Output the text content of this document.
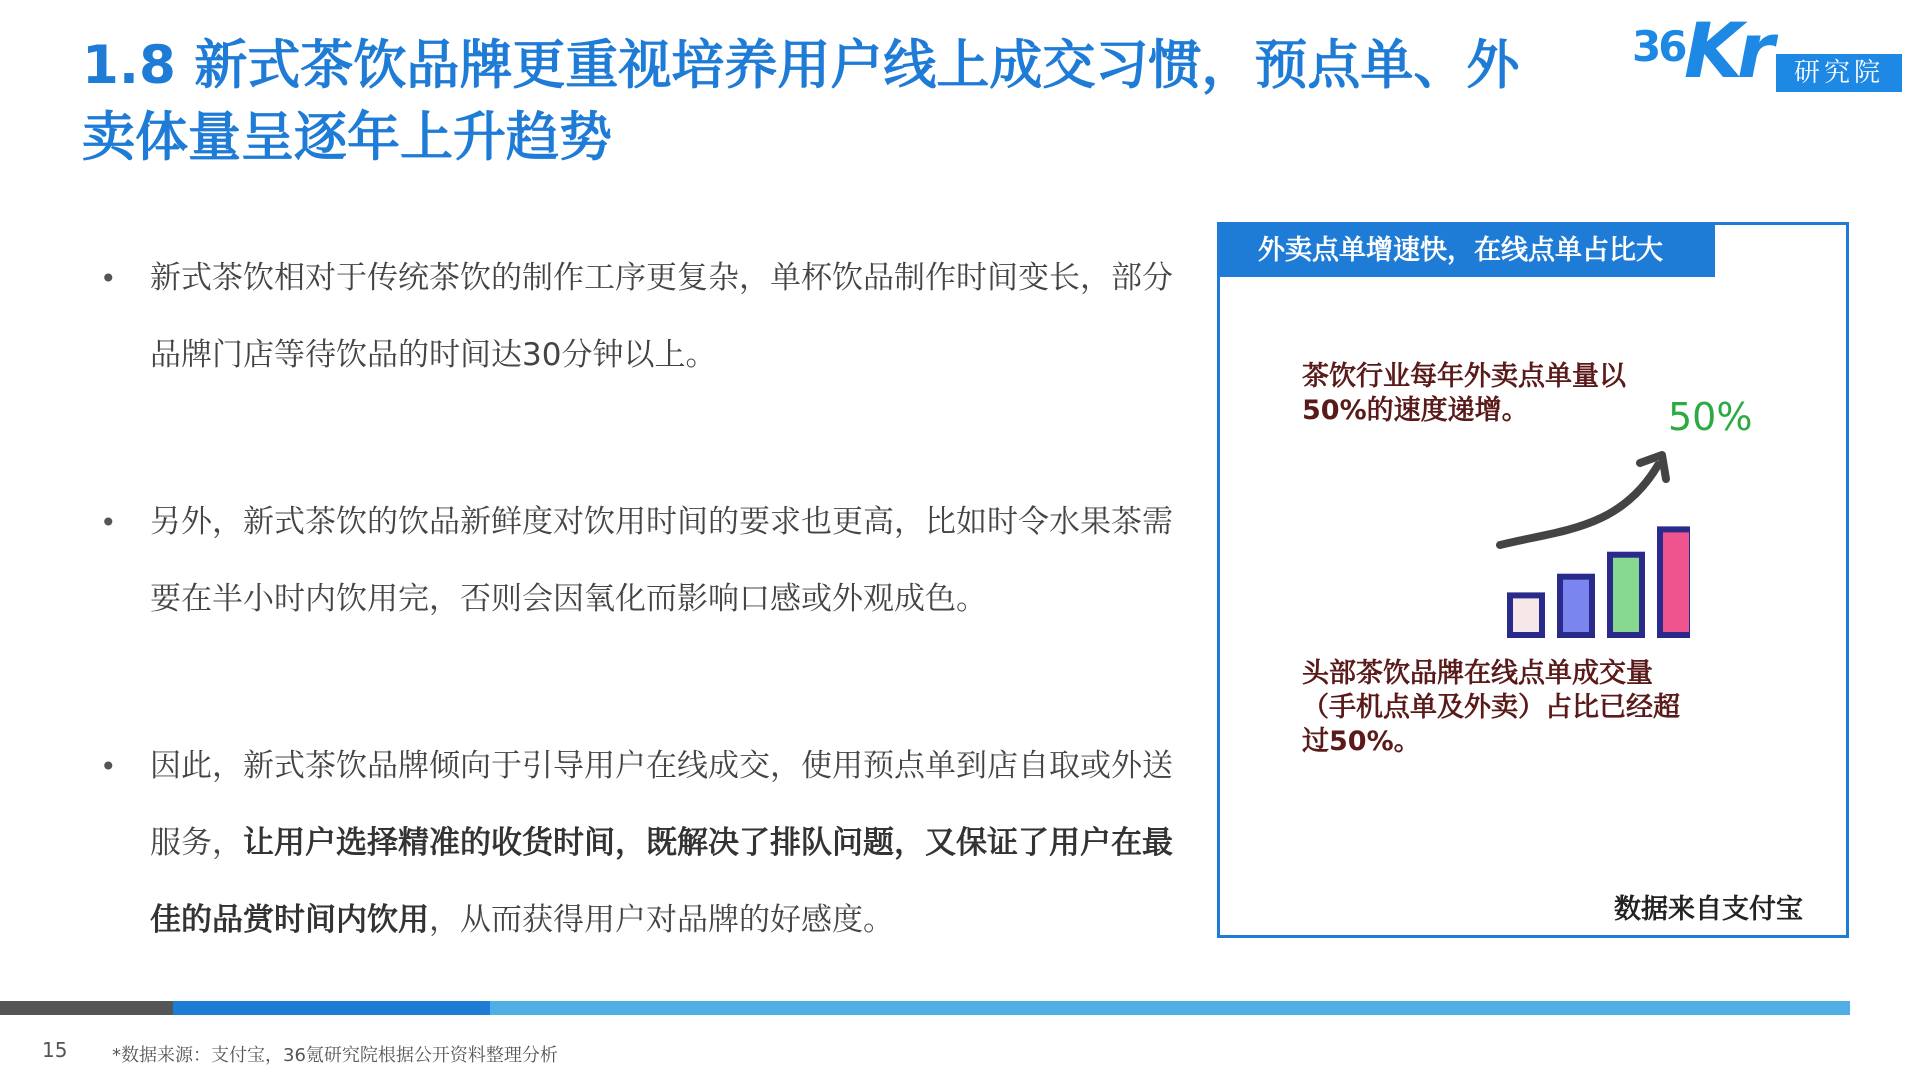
1.8 新式茶饮品牌更重视培养用户线上成交习惯，预点单、外卖体量呈逐年上升趋势
36 Kr 研究院
• 新式茶饮相对于传统茶饮的制作工序更复杂，单杯饮品制作时间变长，部分品牌门店等待饮品的时间达30分钟以上。
• 另外，新式茶饮的饮品新鲜度对饮用时间的要求也更高，比如时令水果茶需要在半小时内饮用完，否则会因氧化而影响口感或外观成色。
• 因此，新式茶饮品牌倾向于引导用户在线成交，使用预点单到店自取或外送服务，让用户选择精准的收货时间，既解决了排队问题，又保证了用户在最佳的品赏时间内饮用，从而获得用户对品牌的好感度。
外卖点单增速快，在线点单占比大
茶饮行业每年外卖点单量以50%的速度递增。	50%
头部茶饮品牌在线点单成交量（手机点单及外卖）占比已经超过50%。
数据来自支付宝
15 *数据来源：支付宝，36氪研究院根据公开资料整理分析
